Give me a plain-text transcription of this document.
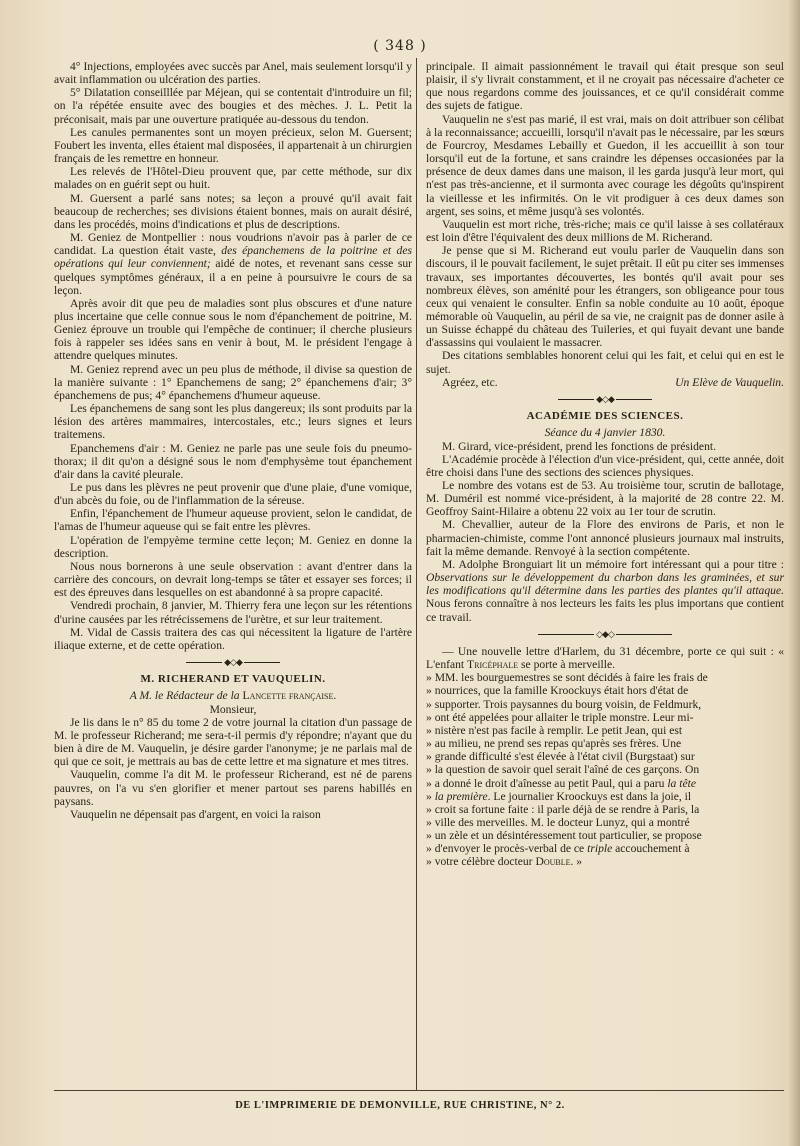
( 348 )

4° Injections, employées avec succès par Anel, mais seulement lorsqu'il y avait inflammation ou ulcération des parties.

5° Dilatation conseilllée par Méjean, qui se contentait d'introduire un fil; on l'a répétée ensuite avec des bougies et des mèches. J. L. Petit la préconisait, mais par une ouverture pratiquée au-dessous du tendon.

Les canules permanentes sont un moyen précieux, selon M. Guersent; Foubert les inventa, elles étaient mal disposées, il appartenait à un chirurgien français de les remettre en honneur.

Les relevés de l'Hôtel-Dieu prouvent que, par cette méthode, sur dix malades on en guérit sept ou huit.

M. Guersent a parlé sans notes; sa leçon a prouvé qu'il avait fait beaucoup de recherches; ses divisions étaient bonnes, mais on aurait désiré, dans les procédés, moins d'indications et plus de descriptions.

M. Geniez de Montpellier : nous voudrions n'avoir pas à parler de ce candidat. La question était vaste, des épanchemens de la poitrine et des opérations qui leur conviennent; aidé de notes, et revenant sans cesse sur quelques symptômes généraux, il a en peine à poursuivre le cours de sa leçon.

Après avoir dit que peu de maladies sont plus obscures et d'une nature plus incertaine que celle connue sous le nom d'épanchement de poitrine, M. Geniez éprouve un trouble qui l'empêche de continuer; il cherche plusieurs fois à rappeler ses idées sans en venir à bout, M. le président l'engage à attendre quelques minutes.

M. Geniez reprend avec un peu plus de méthode, il divise sa question de la manière suivante : 1° Epanchemens de sang; 2° épanchemens d'air; 3° épanchemens de pus; 4° épanchemens d'humeur aqueuse.

Les épanchemens de sang sont les plus dangereux; ils sont produits par la lésion des artères mammaires, intercostales, etc.; leurs signes et leurs traitemens.

Epanchemens d'air : M. Geniez ne parle pas une seule fois du pneumo-thorax; il dit qu'on a désigné sous le nom d'emphysème tout épanchement d'air dans la cavité pleurale.

Le pus dans les plèvres ne peut provenir que d'une plaie, d'une vomique, d'un abcès du foie, ou de l'inflammation de la séreuse.

Enfin, l'épanchement de l'humeur aqueuse provient, selon le candidat, de l'amas de l'humeur aqueuse qui se fait entre les plèvres.

L'opération de l'empyème termine cette leçon; M. Geniez en donne la description.

Nous nous bornerons à une seule observation : avant d'entrer dans la carrière des concours, on devrait long-temps se tâter et essayer ses forces; il est des épreuves dans lesquelles on est abandonné à sa propre capacité.

Vendredi prochain, 8 janvier, M. Thierry fera une leçon sur les rétentions d'urine causées par les rétrécissemens de l'urètre, et sur leur traitement.

M. Vidal de Cassis traitera des cas qui nécessitent la ligature de l'artère iliaque externe, et de cette opération.

◆◇◆
M. RICHERAND ET VAUQUELIN.

A M. le Rédacteur de la Lancette française.

Monsieur,

Je lis dans le n° 85 du tome 2 de votre journal la citation d'un passage de M. le professeur Richerand; me sera-t-il permis d'y répondre; n'ayant que du bien à dire de M. Vauquelin, je désire garder l'anonyme; je ne parlais mal de qui que ce soit, je mettrais au bas de cette lettre et ma signature et mes titres.

Vauquelin, comme l'a dit M. le professeur Richerand, est né de parens pauvres, on l'a vu s'en glorifier et mener partout ses parens habillés en paysans.

Vauquelin ne dépensait pas d'argent, en voici la raison

principale. Il aimait passionnément le travail qui était presque son seul plaisir, il s'y livrait constamment, et il ne croyait pas nécessaire d'acheter ce que nous regardons comme des jouissances, et ce qu'il considérait comme des sujets de fatigue.

Vauquelin ne s'est pas marié, il est vrai, mais on doit attribuer son célibat à la reconnaissance; accueilli, lorsqu'il n'avait pas le nécessaire, par les sœurs de Fourcroy, Mesdames Lebailly et Guedon, il les accueillit à son tour lorsqu'il eut de la fortune, et sans craindre les dépenses occasionées par la présence de deux dames dans une maison, il les garda jusqu'à leur mort, qui n'est pas très-ancienne, et il surmonta avec courage les dégoûts qu'inspirent la vieillesse et les infirmités. On le vit prodiguer à ces deux dames son argent, ses soins, et même jusqu'à ses volontés.

Vauquelin est mort riche, très-riche; mais ce qu'il laisse à ses collatéraux est loin d'être l'équivalent des deux millions de M. Richerand.

Je pense que si M. Richerand eut voulu parler de Vauquelin dans son discours, il le pouvait facilement, le sujet prêtait. Il eût pu citer ses immenses travaux, ses importantes découvertes, les bontés qu'il avait pour ses nombreux élèves, son aménité pour les étrangers, son obligeance pour tous ceux qui venaient le consulter. Enfin sa noble conduite au 10 août, époque mémorable où Vauquelin, au péril de sa vie, ne craignit pas de donner asile à un Suisse échappé du château des Tuileries, et qui fuyait devant une bande d'assassins qui voulaient le massacrer.

Des citations semblables honorent celui qui les fait, et celui qui en est le sujet.

Agréez, etc.	Un Elève de Vauquelin.

◆◇◆
ACADÉMIE DES SCIENCES.

Séance du 4 janvier 1830.

M. Girard, vice-président, prend les fonctions de président.

L'Académie procède à l'élection d'un vice-président, qui, cette année, doit être choisi dans l'une des sections des sciences physiques.

Le nombre des votans est de 53. Au troisième tour, scrutin de ballotage, M. Duméril est nommé vice-président, à la majorité de 28 contre 22. M. Geoffroy Saint-Hilaire a obtenu 22 voix au 1er tour de scrutin.

M. Chevallier, auteur de la Flore des environs de Paris, et non le pharmacien-chimiste, comme l'ont annoncé plusieurs journaux mal instruits, fait la même demande. Renvoyé à la section compétente.

M. Adolphe Bronguiart lit un mémoire fort intéressant qui a pour titre : Observations sur le développement du charbon dans les graminées, et sur les modifications qu'il détermine dans les parties des plantes qu'il attaque. Nous ferons connaître à nos lecteurs les faits les plus importans que contient ce travail.

◇◆◇

— Une nouvelle lettre d'Harlem, du 31 décembre, porte ce qui suit : « L'enfant Tricéphale se porte à merveille.

» MM. les bourguemestres se sont décidés à faire les frais de

» nourrices, que la famille Kroockuys était hors d'état de

» supporter. Trois paysannes du bourg voisin, de Feldmurk,

» ont été appelées pour allaiter le triple monstre. Leur mi-

» nistère n'est pas facile à remplir. Le petit Jean, qui est

» au milieu, ne prend ses repas qu'après ses frères. Une

» grande difficulté s'est élevée à l'état civil (Burgstaat) sur

» la question de savoir quel serait l'aîné de ces garçons. On

» a donné le droit d'aînesse au petit Paul, qui a paru la tête

» la première. Le journalier Kroockuys est dans la joie, il

» croit sa fortune faite : il parle déjà de se rendre à Paris, la

» ville des merveilles. M. le docteur Lunyz, qui a montré

» un zèle et un désintéressement tout particulier, se propose

» d'envoyer le procès-verbal de ce triple accouchement à

» votre célèbre docteur Double. »

DE L'IMPRIMERIE DE DEMONVILLE, RUE CHRISTINE, N° 2.
